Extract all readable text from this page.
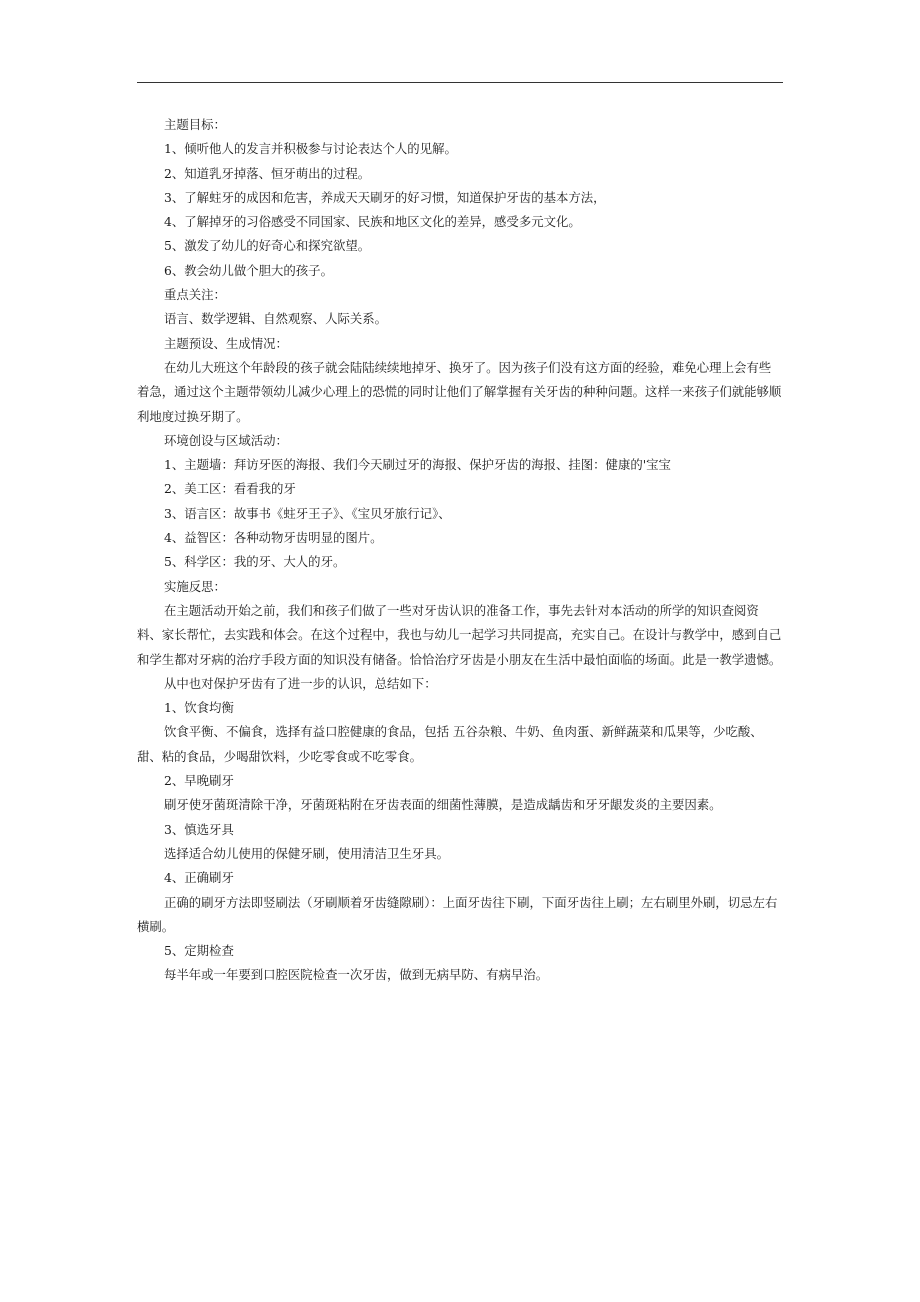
主题目标：

1、倾听他人的发言并积极参与讨论表达个人的见解。

2、知道乳牙掉落、恒牙萌出的过程。

3、了解蛀牙的成因和危害，养成天天刷牙的好习惯，知道保护牙齿的基本方法，

4、了解掉牙的习俗感受不同国家、民族和地区文化的差异，感受多元文化。

5、激发了幼儿的好奇心和探究欲望。

6、教会幼儿做个胆大的孩子。

重点关注：

语言、数学逻辑、自然观察、人际关系。

主题预设、生成情况：

在幼儿大班这个年龄段的孩子就会陆陆续续地掉牙、换牙了。因为孩子们没有这方面的经验，难免心理上会有些着急，通过这个主题带领幼儿减少心理上的恐慌的同时让他们了解掌握有关牙齿的种种问题。这样一来孩子们就能够顺利地度过换牙期了。

环境创设与区域活动：

1、主题墙：拜访牙医的海报、我们今天刷过牙的海报、保护牙齿的海报、挂图：健康的'宝宝

2、美工区：看看我的牙

3、语言区：故事书《蛀牙王子》、《宝贝牙旅行记》、

4、益智区：各种动物牙齿明显的图片。

5、科学区：我的牙、大人的牙。

实施反思：

在主题活动开始之前，我们和孩子们做了一些对牙齿认识的准备工作，事先去针对本活动的所学的知识查阅资料、家长帮忙，去实践和体会。在这个过程中，我也与幼儿一起学习共同提高，充实自己。在设计与教学中，感到自己和学生都对牙病的治疗手段方面的知识没有储备。恰恰治疗牙齿是小朋友在生活中最怕面临的场面。此是一教学遗憾。

从中也对保护牙齿有了进一步的认识，总结如下：

1、饮食均衡

饮食平衡、不偏食，选择有益口腔健康的食品，包括 五谷杂粮、牛奶、鱼肉蛋、新鲜蔬菜和瓜果等，少吃酸、甜、粘的食品，少喝甜饮料，少吃零食或不吃零食。

2、早晚刷牙

刷牙使牙菌斑清除干净，牙菌斑粘附在牙齿表面的细菌性薄膜，是造成龋齿和牙牙龈发炎的主要因素。

3、慎选牙具

选择适合幼儿使用的保健牙刷，使用清洁卫生牙具。

4、正确刷牙

正确的刷牙方法即竖刷法（牙刷顺着牙齿缝隙刷）：上面牙齿往下刷，下面牙齿往上刷；左右刷里外刷，切忌左右横刷。

5、定期检查

每半年或一年要到口腔医院检查一次牙齿，做到无病早防、有病早治。
